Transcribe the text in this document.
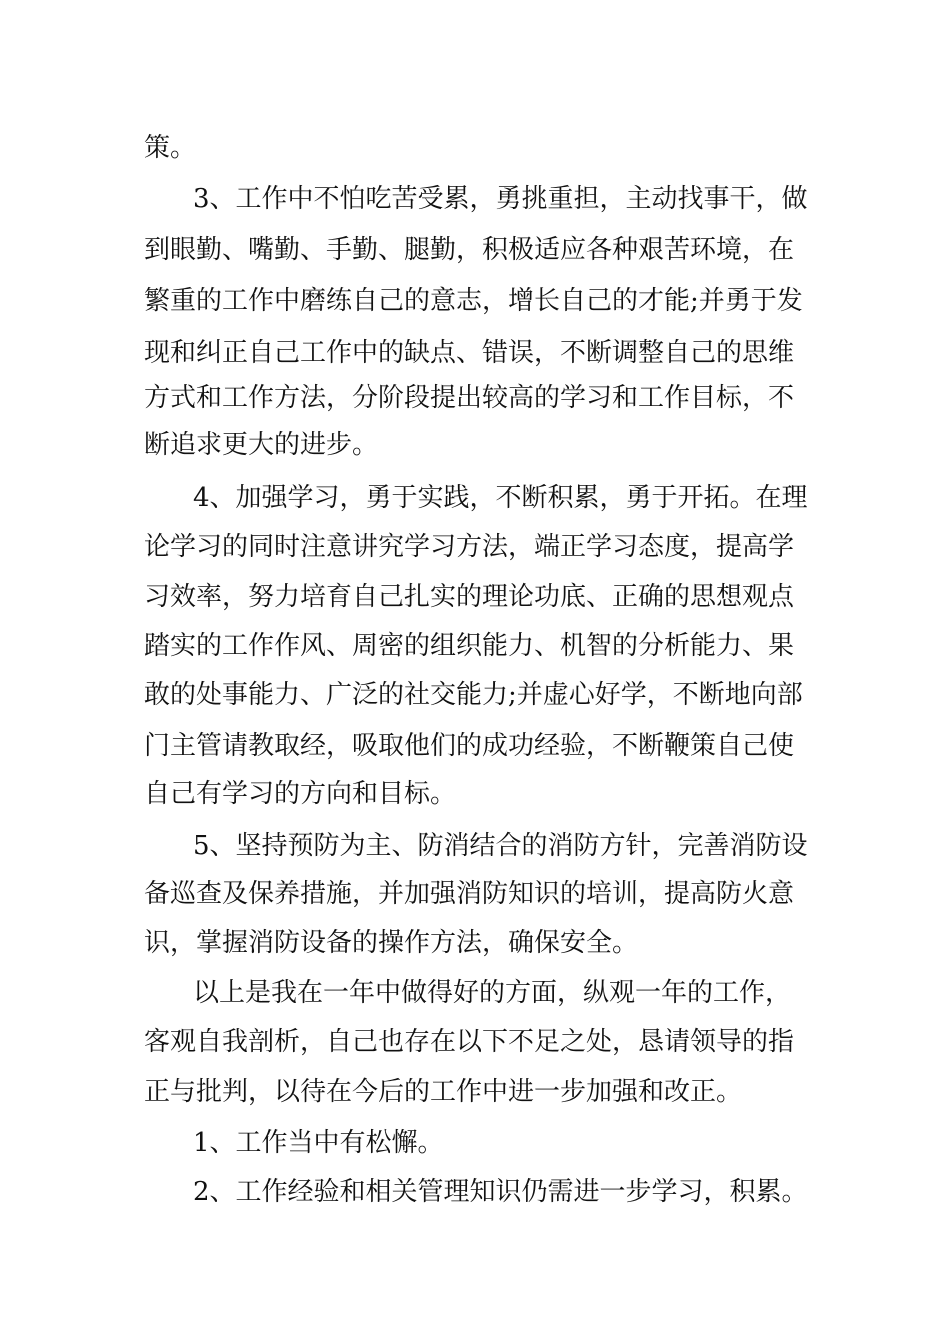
策。
3、工作中不怕吃苦受累，勇挑重担，主动找事干，做
到眼勤、嘴勤、手勤、腿勤，积极适应各种艰苦环境，在
繁重的工作中磨练自己的意志，增长自己的才能;并勇于发
现和纠正自己工作中的缺点、错误，不断调整自己的思维
方式和工作方法，分阶段提出较高的学习和工作目标，不
断追求更大的进步。
4、加强学习，勇于实践，不断积累，勇于开拓。在理
论学习的同时注意讲究学习方法，端正学习态度，提高学
习效率，努力培育自己扎实的理论功底、正确的思想观点
踏实的工作作风、周密的组织能力、机智的分析能力、果
敢的处事能力、广泛的社交能力;并虚心好学，不断地向部
门主管请教取经，吸取他们的成功经验，不断鞭策自己使
自己有学习的方向和目标。
5、坚持预防为主、防消结合的消防方针，完善消防设
备巡查及保养措施，并加强消防知识的培训，提高防火意
识，掌握消防设备的操作方法，确保安全。
以上是我在一年中做得好的方面，纵观一年的工作，
客观自我剖析，自己也存在以下不足之处，恳请领导的指
正与批判，以待在今后的工作中进一步加强和改正。
1、工作当中有松懈。
2、工作经验和相关管理知识仍需进一步学习，积累。
